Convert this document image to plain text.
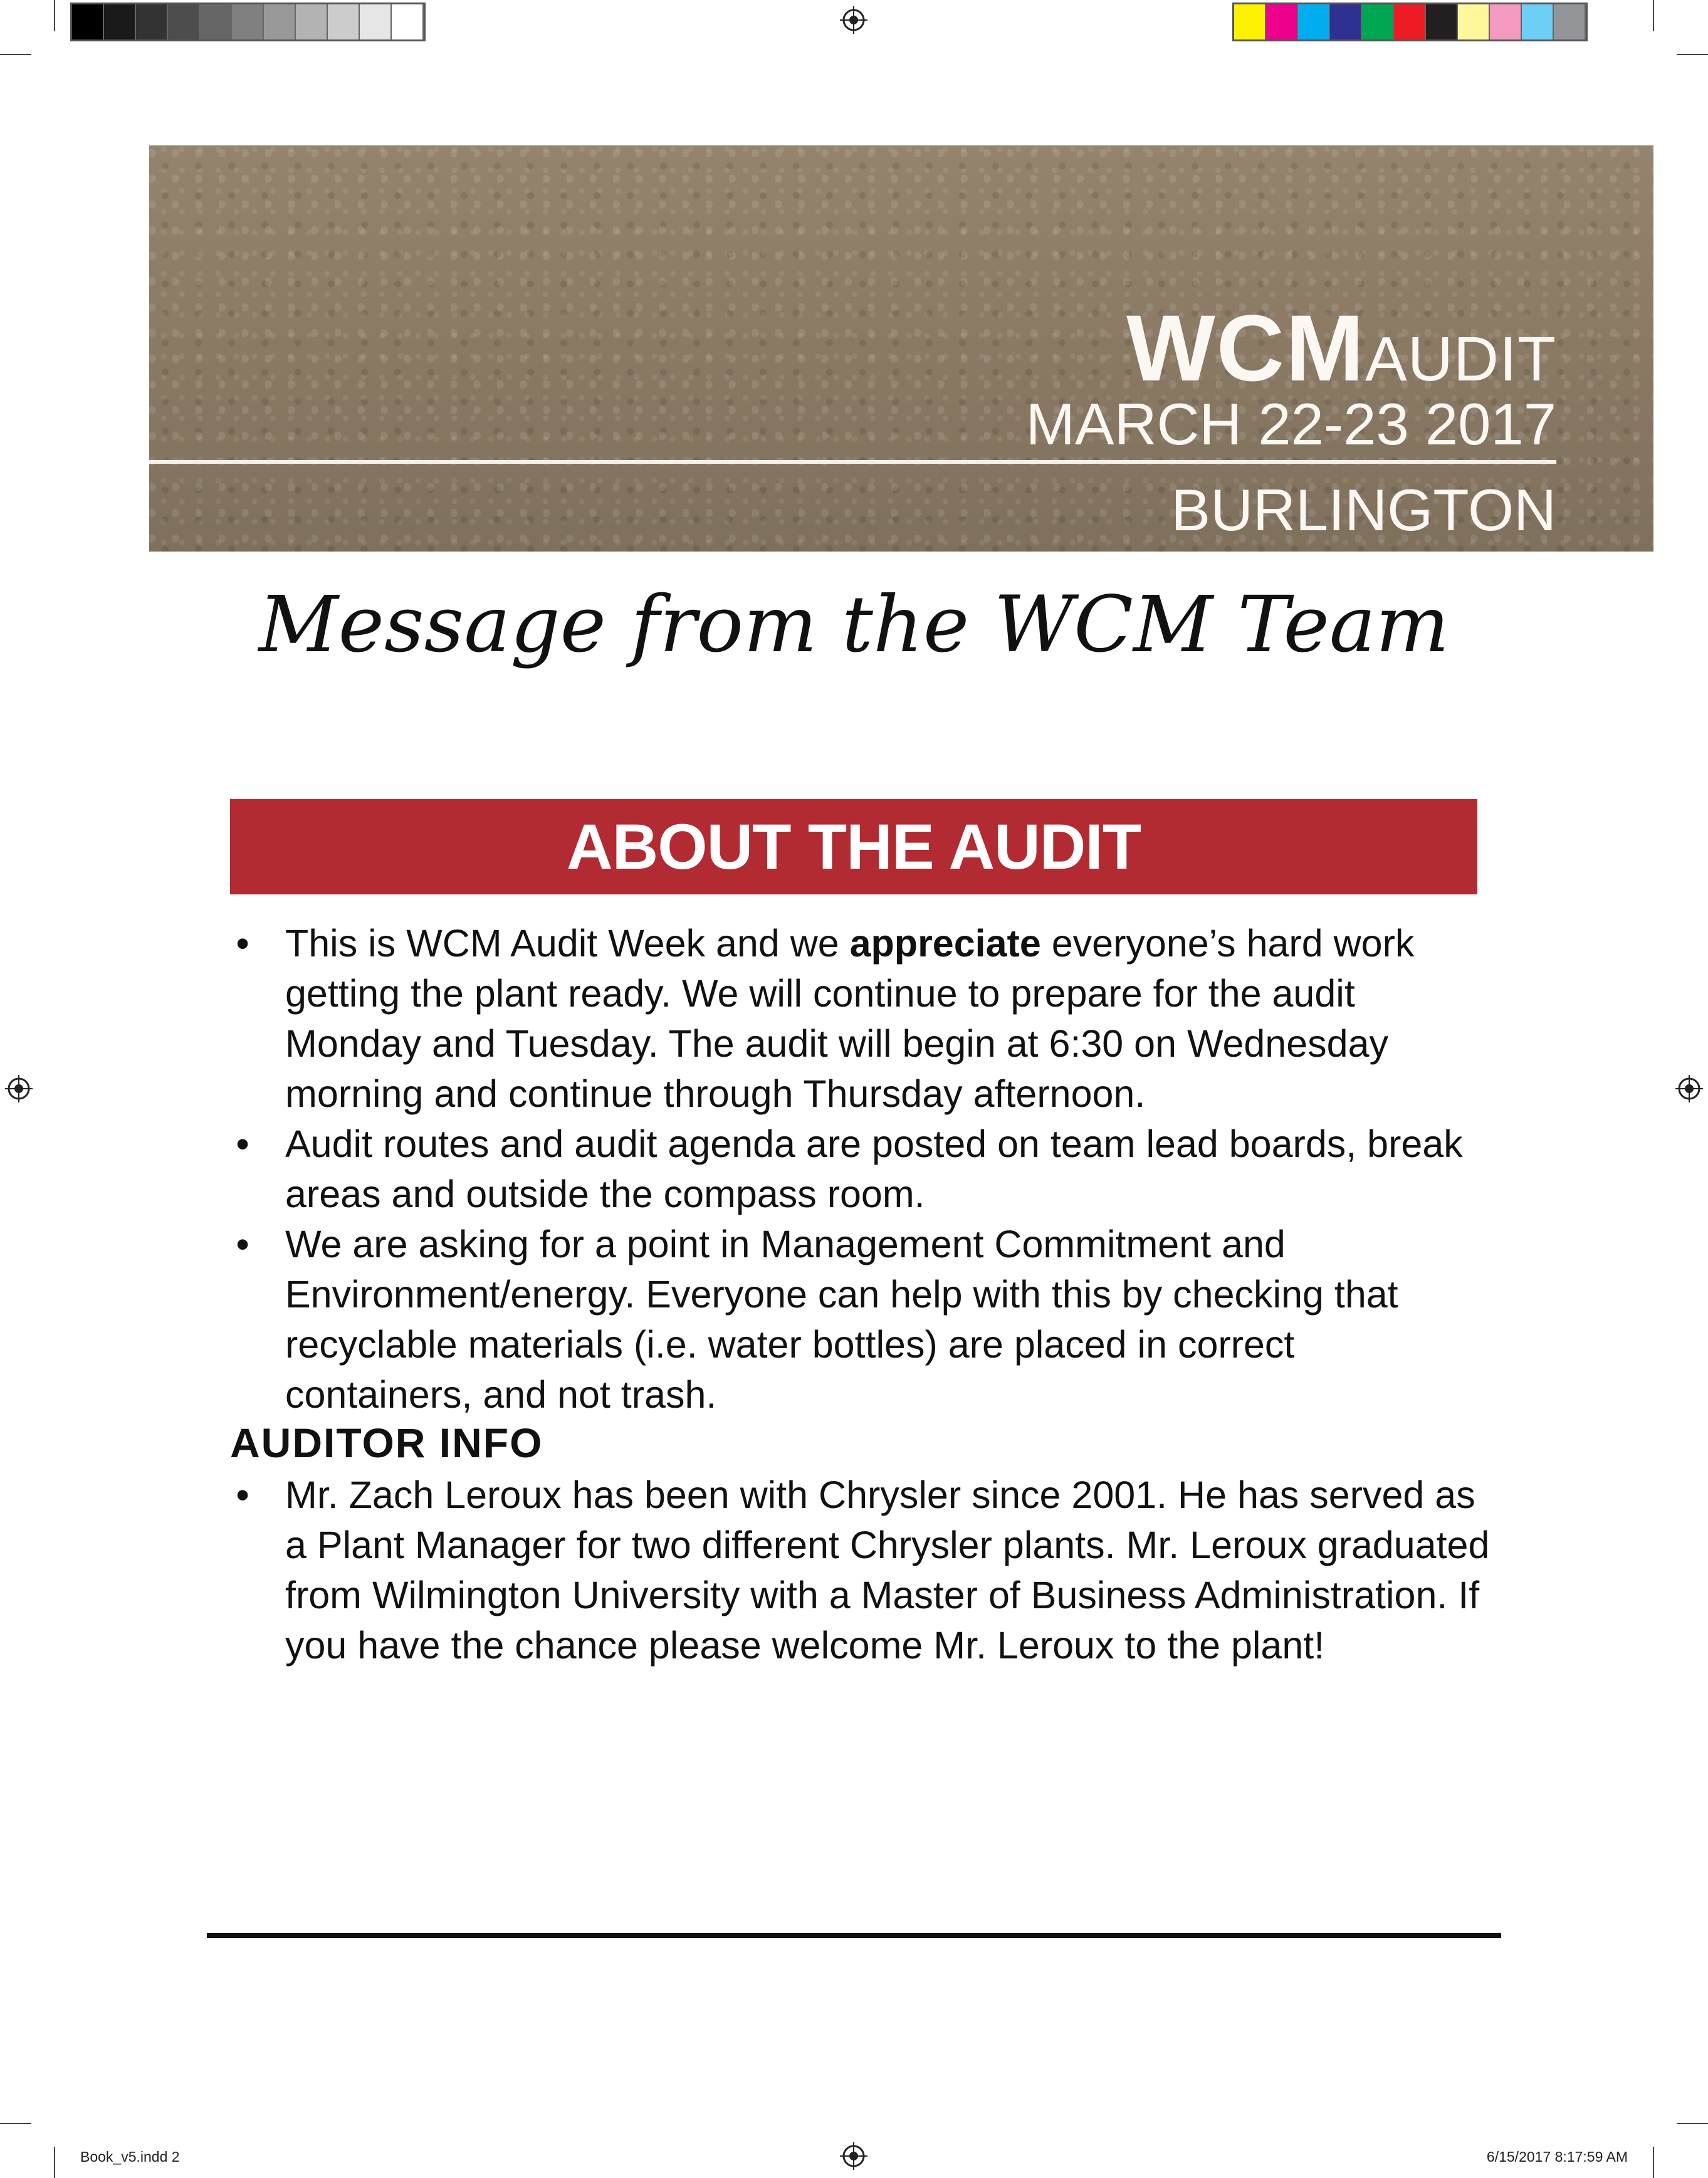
WCMAUDIT
MARCH 22-23 2017
BURLINGTON
Message from the WCM Team
ABOUT THE AUDIT
• This is WCM Audit Week and we appreciate everyone’s hard work getting the plant ready. We will continue to prepare for the audit Monday and Tuesday. The audit will begin at 6:30 on Wednesday morning and continue through Thursday afternoon.
• Audit routes and audit agenda are posted on team lead boards, break areas and outside the compass room.
• We are asking for a point in Management Commitment and Environment/energy. Everyone can help with this by checking that recyclable materials (i.e. water bottles) are placed in correct containers, and not trash.
AUDITOR INFO
• Mr. Zach Leroux has been with Chrysler since 2001. He has served as a Plant Manager for two different Chrysler plants. Mr. Leroux graduated from Wilmington University with a Master of Business Administration. If you have the chance please welcome Mr. Leroux to the plant!
Book_v5.indd 2	6/15/2017 8:17:59 AM
